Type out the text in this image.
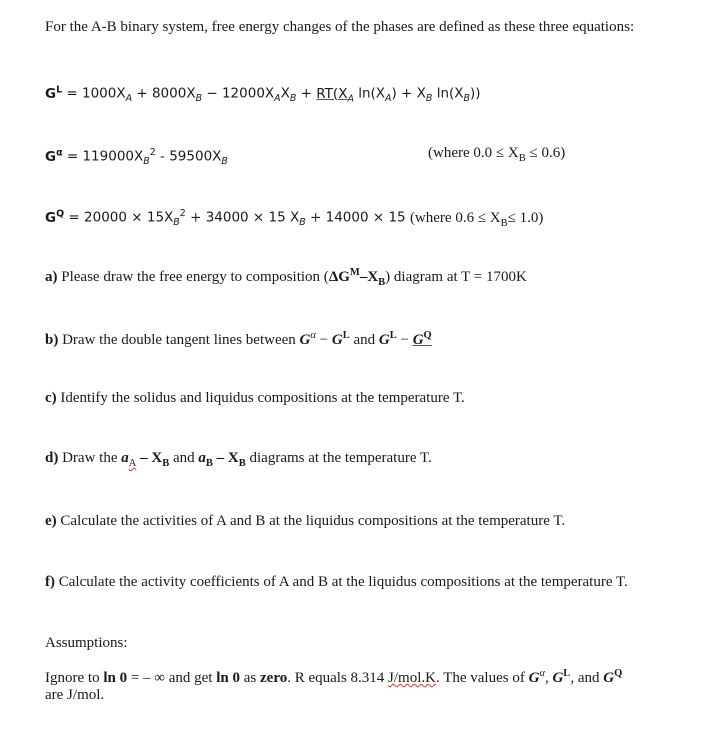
For the A-B binary system, free energy changes of the phases are defined as these three equations:
$G^L = 1000X_A + 8000X_B - 12000X_AX_B + RT(X_A$ $\ln(X_A) + X_B$ $\ln(X_B)$)
$G^\alpha = 119000X_B^2 - 59500X_B$
(where $0.0 \le X_B \le 0.6$)
$G^Q = 20000 \times 15X_B^2 + 34000 \times 15$ $X_B + 14000 \times 15$ (where $0.6 \le X_B\le 1.0$)
a) Please draw the free energy to composition $(\Delta G^M-X_B)$ diagram at T = 1700K
b) Draw the double tangent lines between $G^\alpha - G^L$ and $G^L - G^Q$
c) Identify the solidus and liquidus compositions at the temperature T.
d) Draw the $a_A - X_B$ and $a_B - X_B$ diagrams at the temperature T.
e) Calculate the activities of A and B at the liquidus compositions at the temperature T.
f) Calculate the activity coefficients of A and B at the liquidus compositions at the temperature T.
Assumptions:
Ignore to ln 0 = – ∞ and get ln 0 as zero. R equals 8.314 J/mol.K. The values of $G^\alpha$, $G^L$, and $G^Q$
are J/mol.
